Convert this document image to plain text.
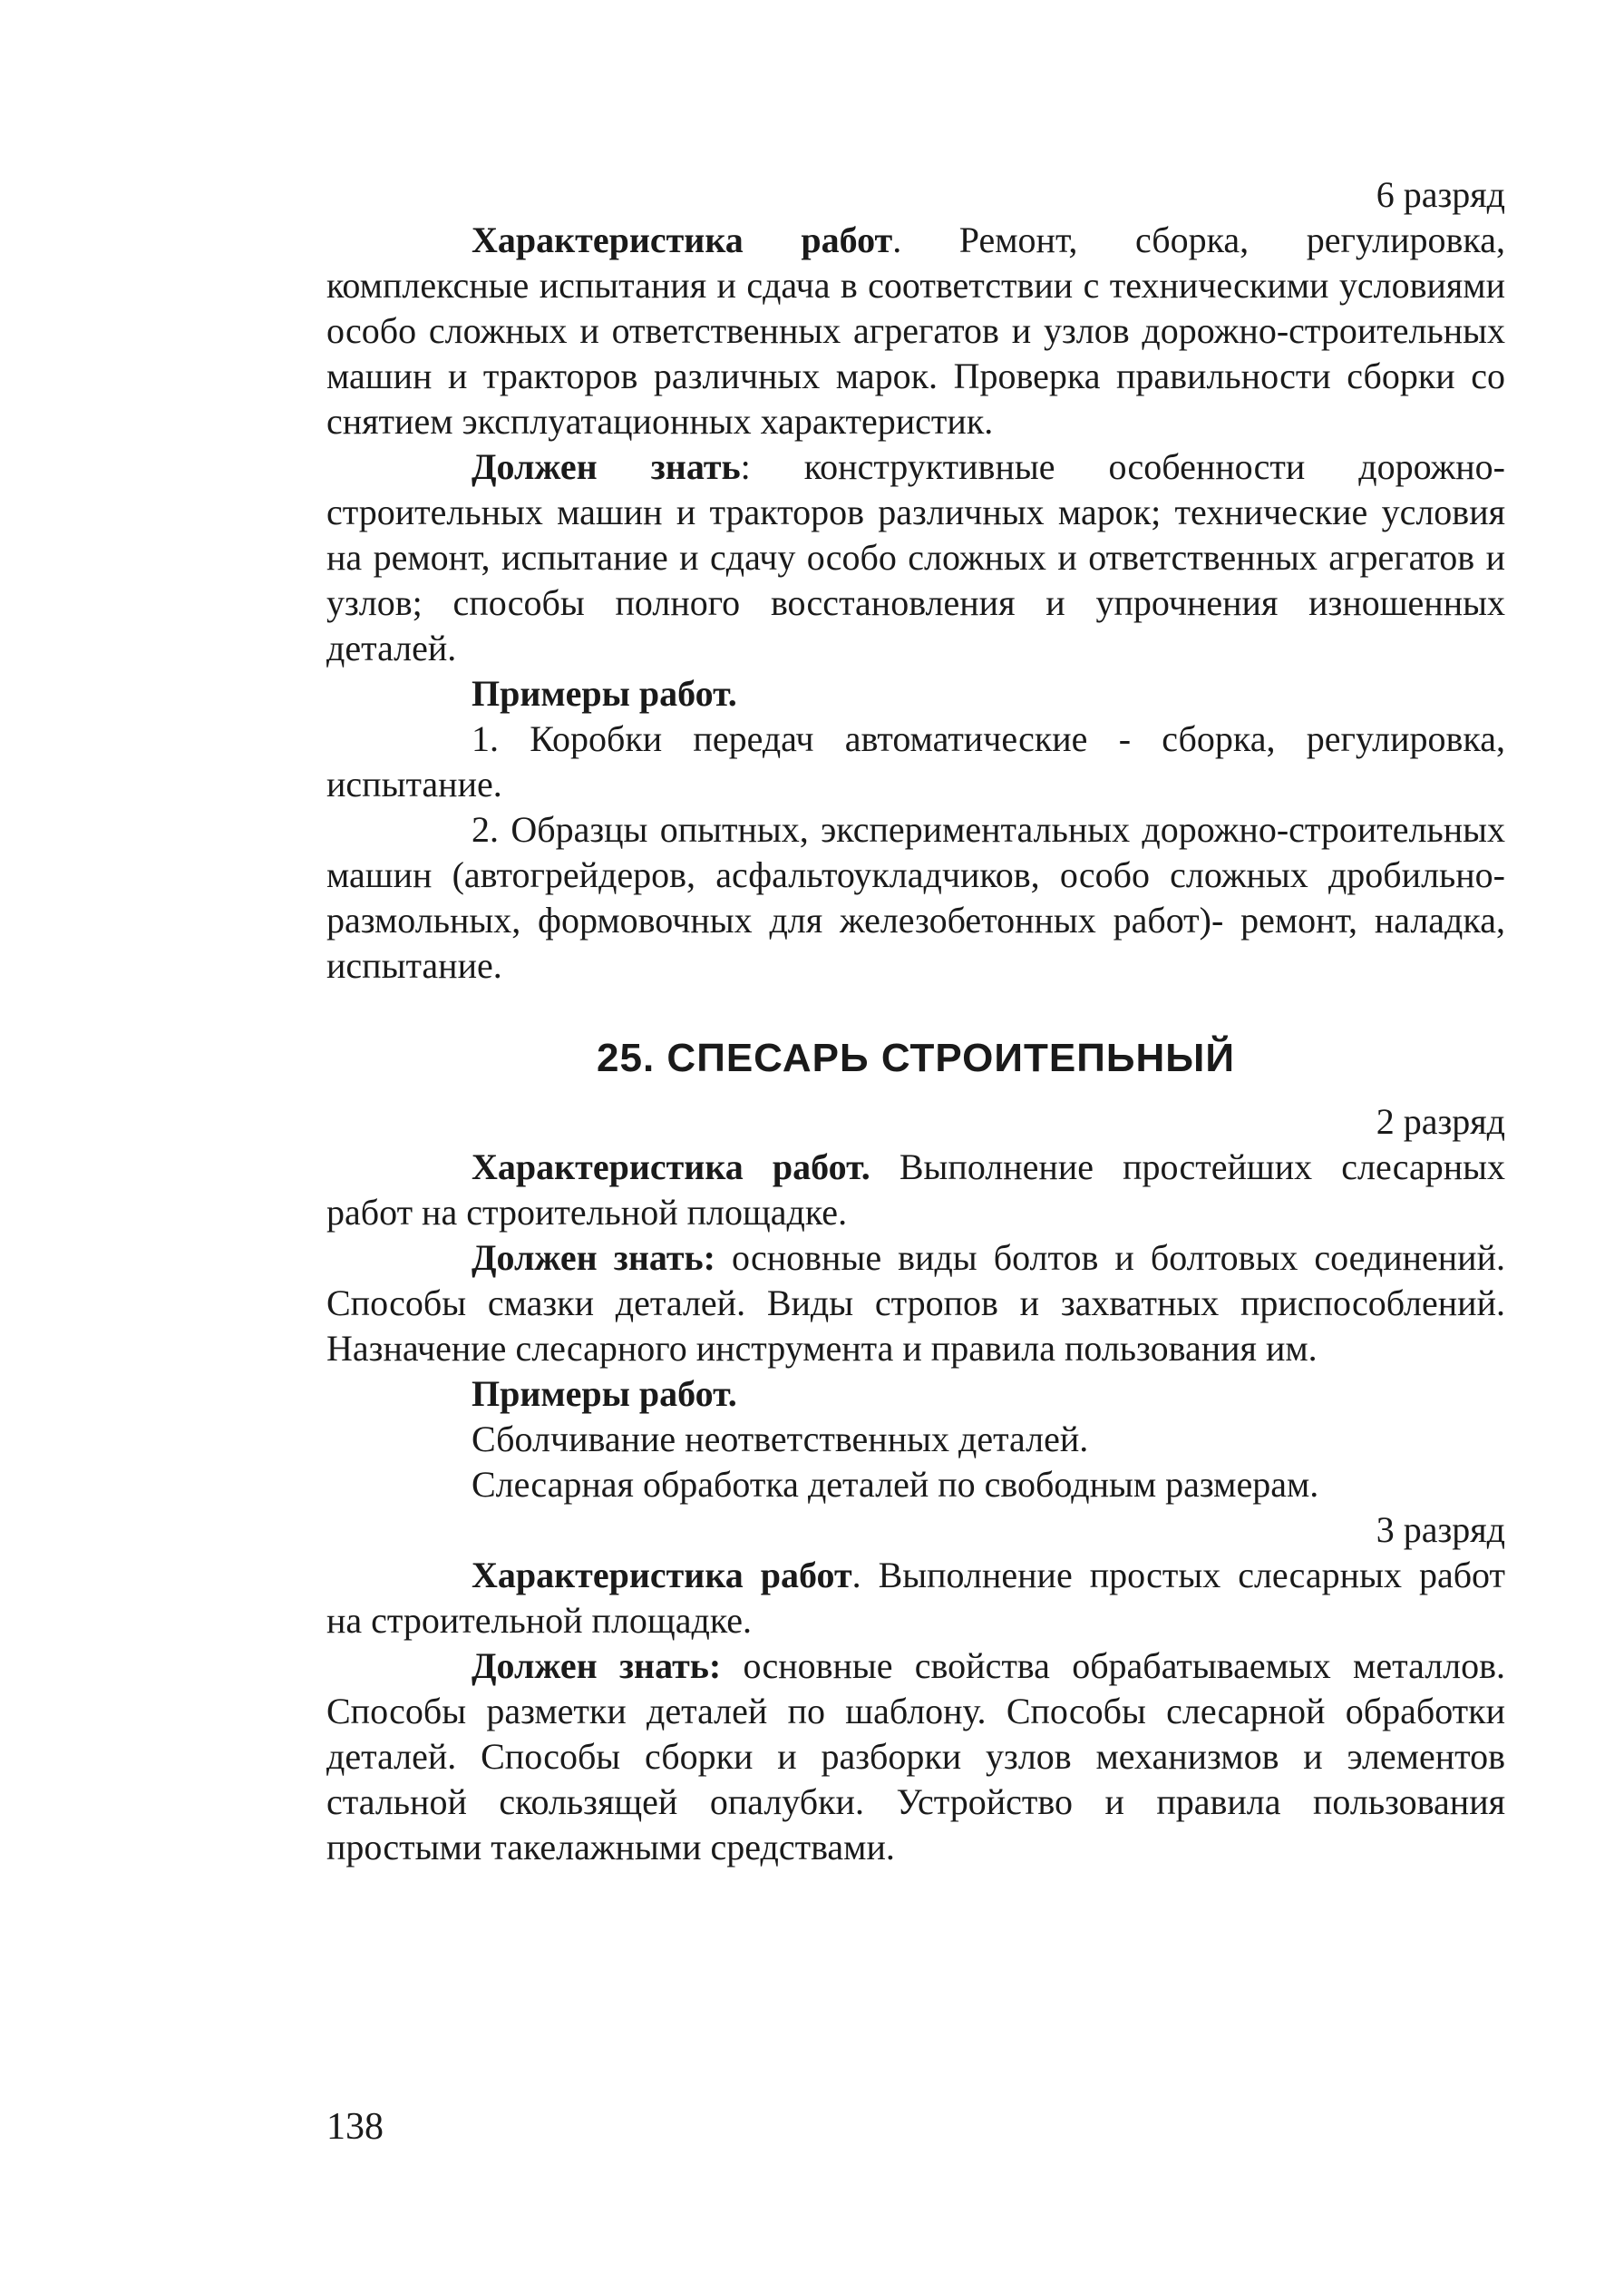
6 разряд

Характеристика работ. Ремонт, сборка, регулировка, комплексные испытания и сдача в соответствии с техническими условиями особо сложных и ответственных агрегатов и узлов дорожно-строительных машин и тракторов различных марок. Проверка правильности сборки со снятием эксплуатационных характеристик.

Должен знать: конструктивные особенности дорожно-строительных машин и тракторов различных марок; технические условия на ремонт, испытание и сдачу особо сложных и ответственных агрегатов и узлов; способы полного восстановления и упрочнения изношенных деталей.

Примеры работ.

1. Коробки передач автоматические - сборка, регулировка, испытание.

2. Образцы опытных, экспериментальных дорожно-строительных машин (автогрейдеров, асфальтоукладчиков, особо сложных дробильно-размольных, формовочных для железобетонных работ)- ремонт, наладка, испытание.

25. СПЕСАРЬ СТРОИТЕПЬНЫЙ
2 разряд

Характеристика работ. Выполнение простейших слесарных работ на строительной площадке.

Должен знать: основные виды болтов и болтовых соединений. Способы смазки деталей. Виды стропов и захватных приспособлений. Назначение слесарного инструмента и правила пользования им.

Примеры работ.

Сболчивание неответственных деталей.

Слесарная обработка деталей по свободным размерам.

3 разряд

Характеристика работ. Выполнение простых слесарных работ на строительной площадке.

Должен знать: основные свойства обрабатываемых металлов. Способы разметки деталей по шаблону. Способы слесарной обработки деталей. Способы сборки и разборки узлов механизмов и элементов стальной скользящей опалубки. Устройство и правила пользования простыми такелажными средствами.

138
